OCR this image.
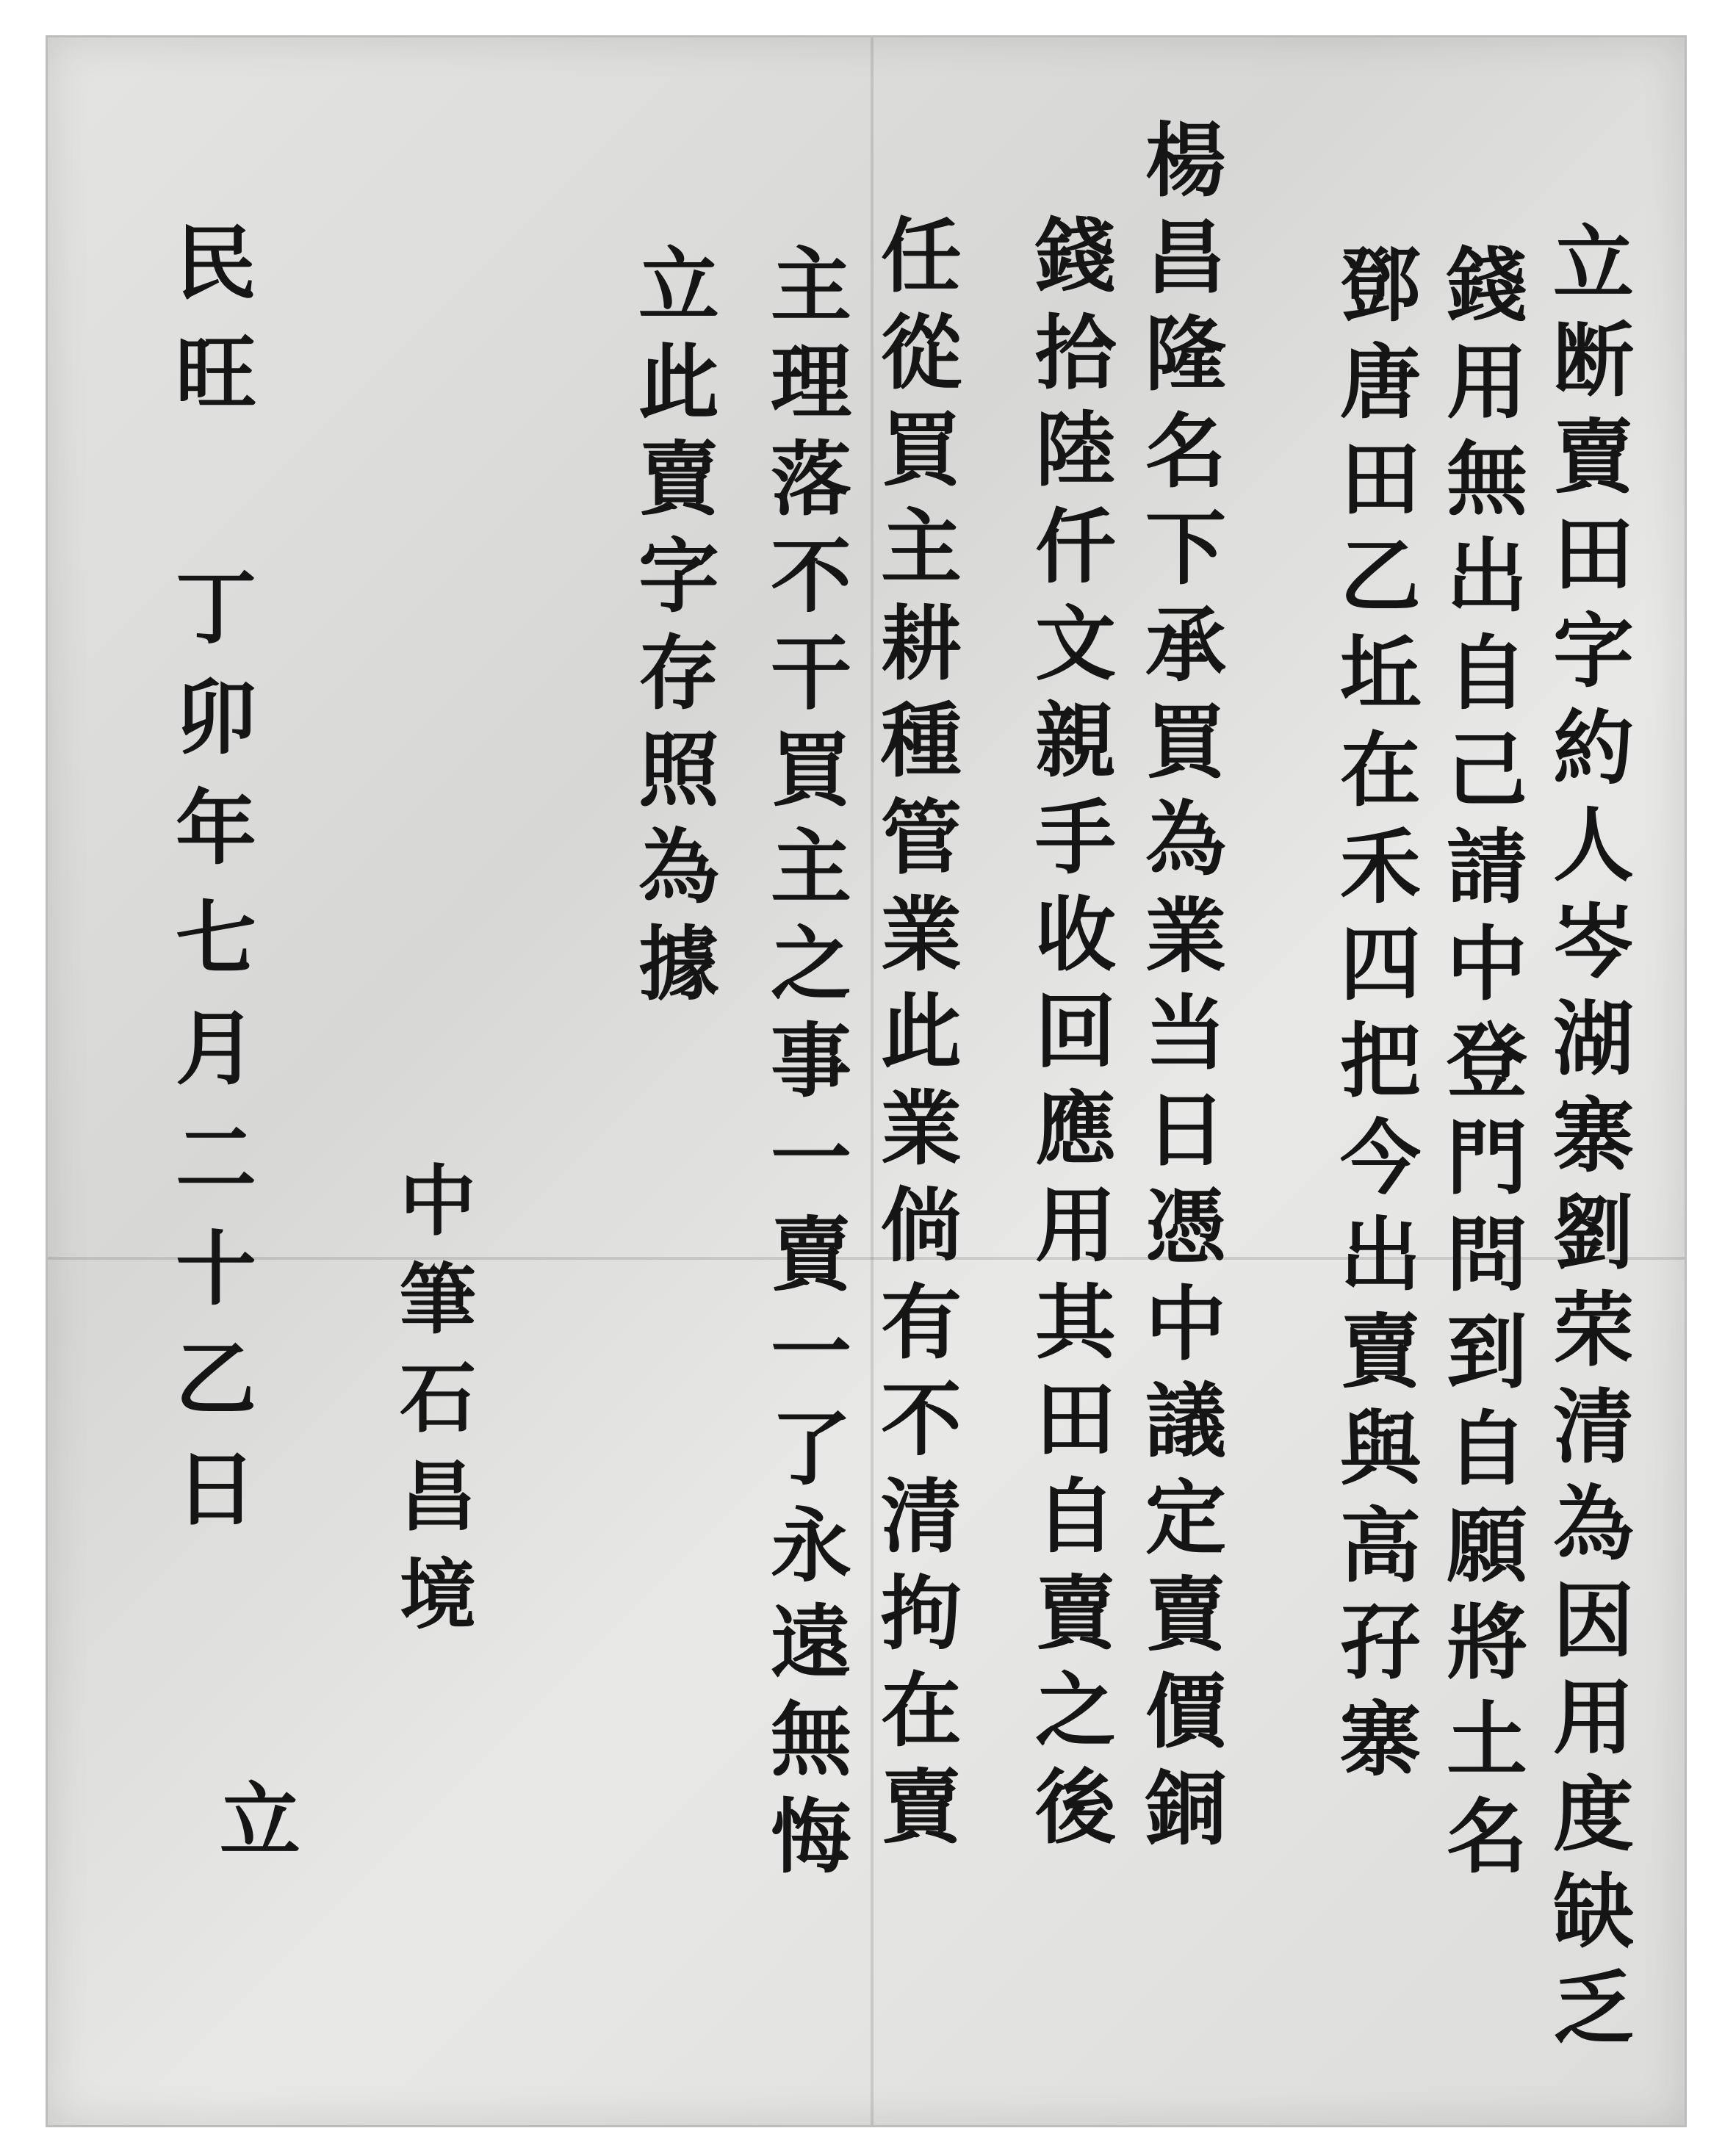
立断賣田字約人岑湖寨劉荣清為因用度缺乏
錢用無出自己請中登門問到自願將土名
鄧唐田乙坵在禾四把今出賣與高孖寨
楊昌隆名下承買為業当日憑中議定賣價銅
錢拾陸仟文親手收回應用其田自賣之後
任從買主耕種管業此業倘有不清拘在賣
主理落不干買主之事一賣一了永遠無悔
立此賣字存照為據
中筆石昌境
民旺 丁卯年七月二十乙日
立
